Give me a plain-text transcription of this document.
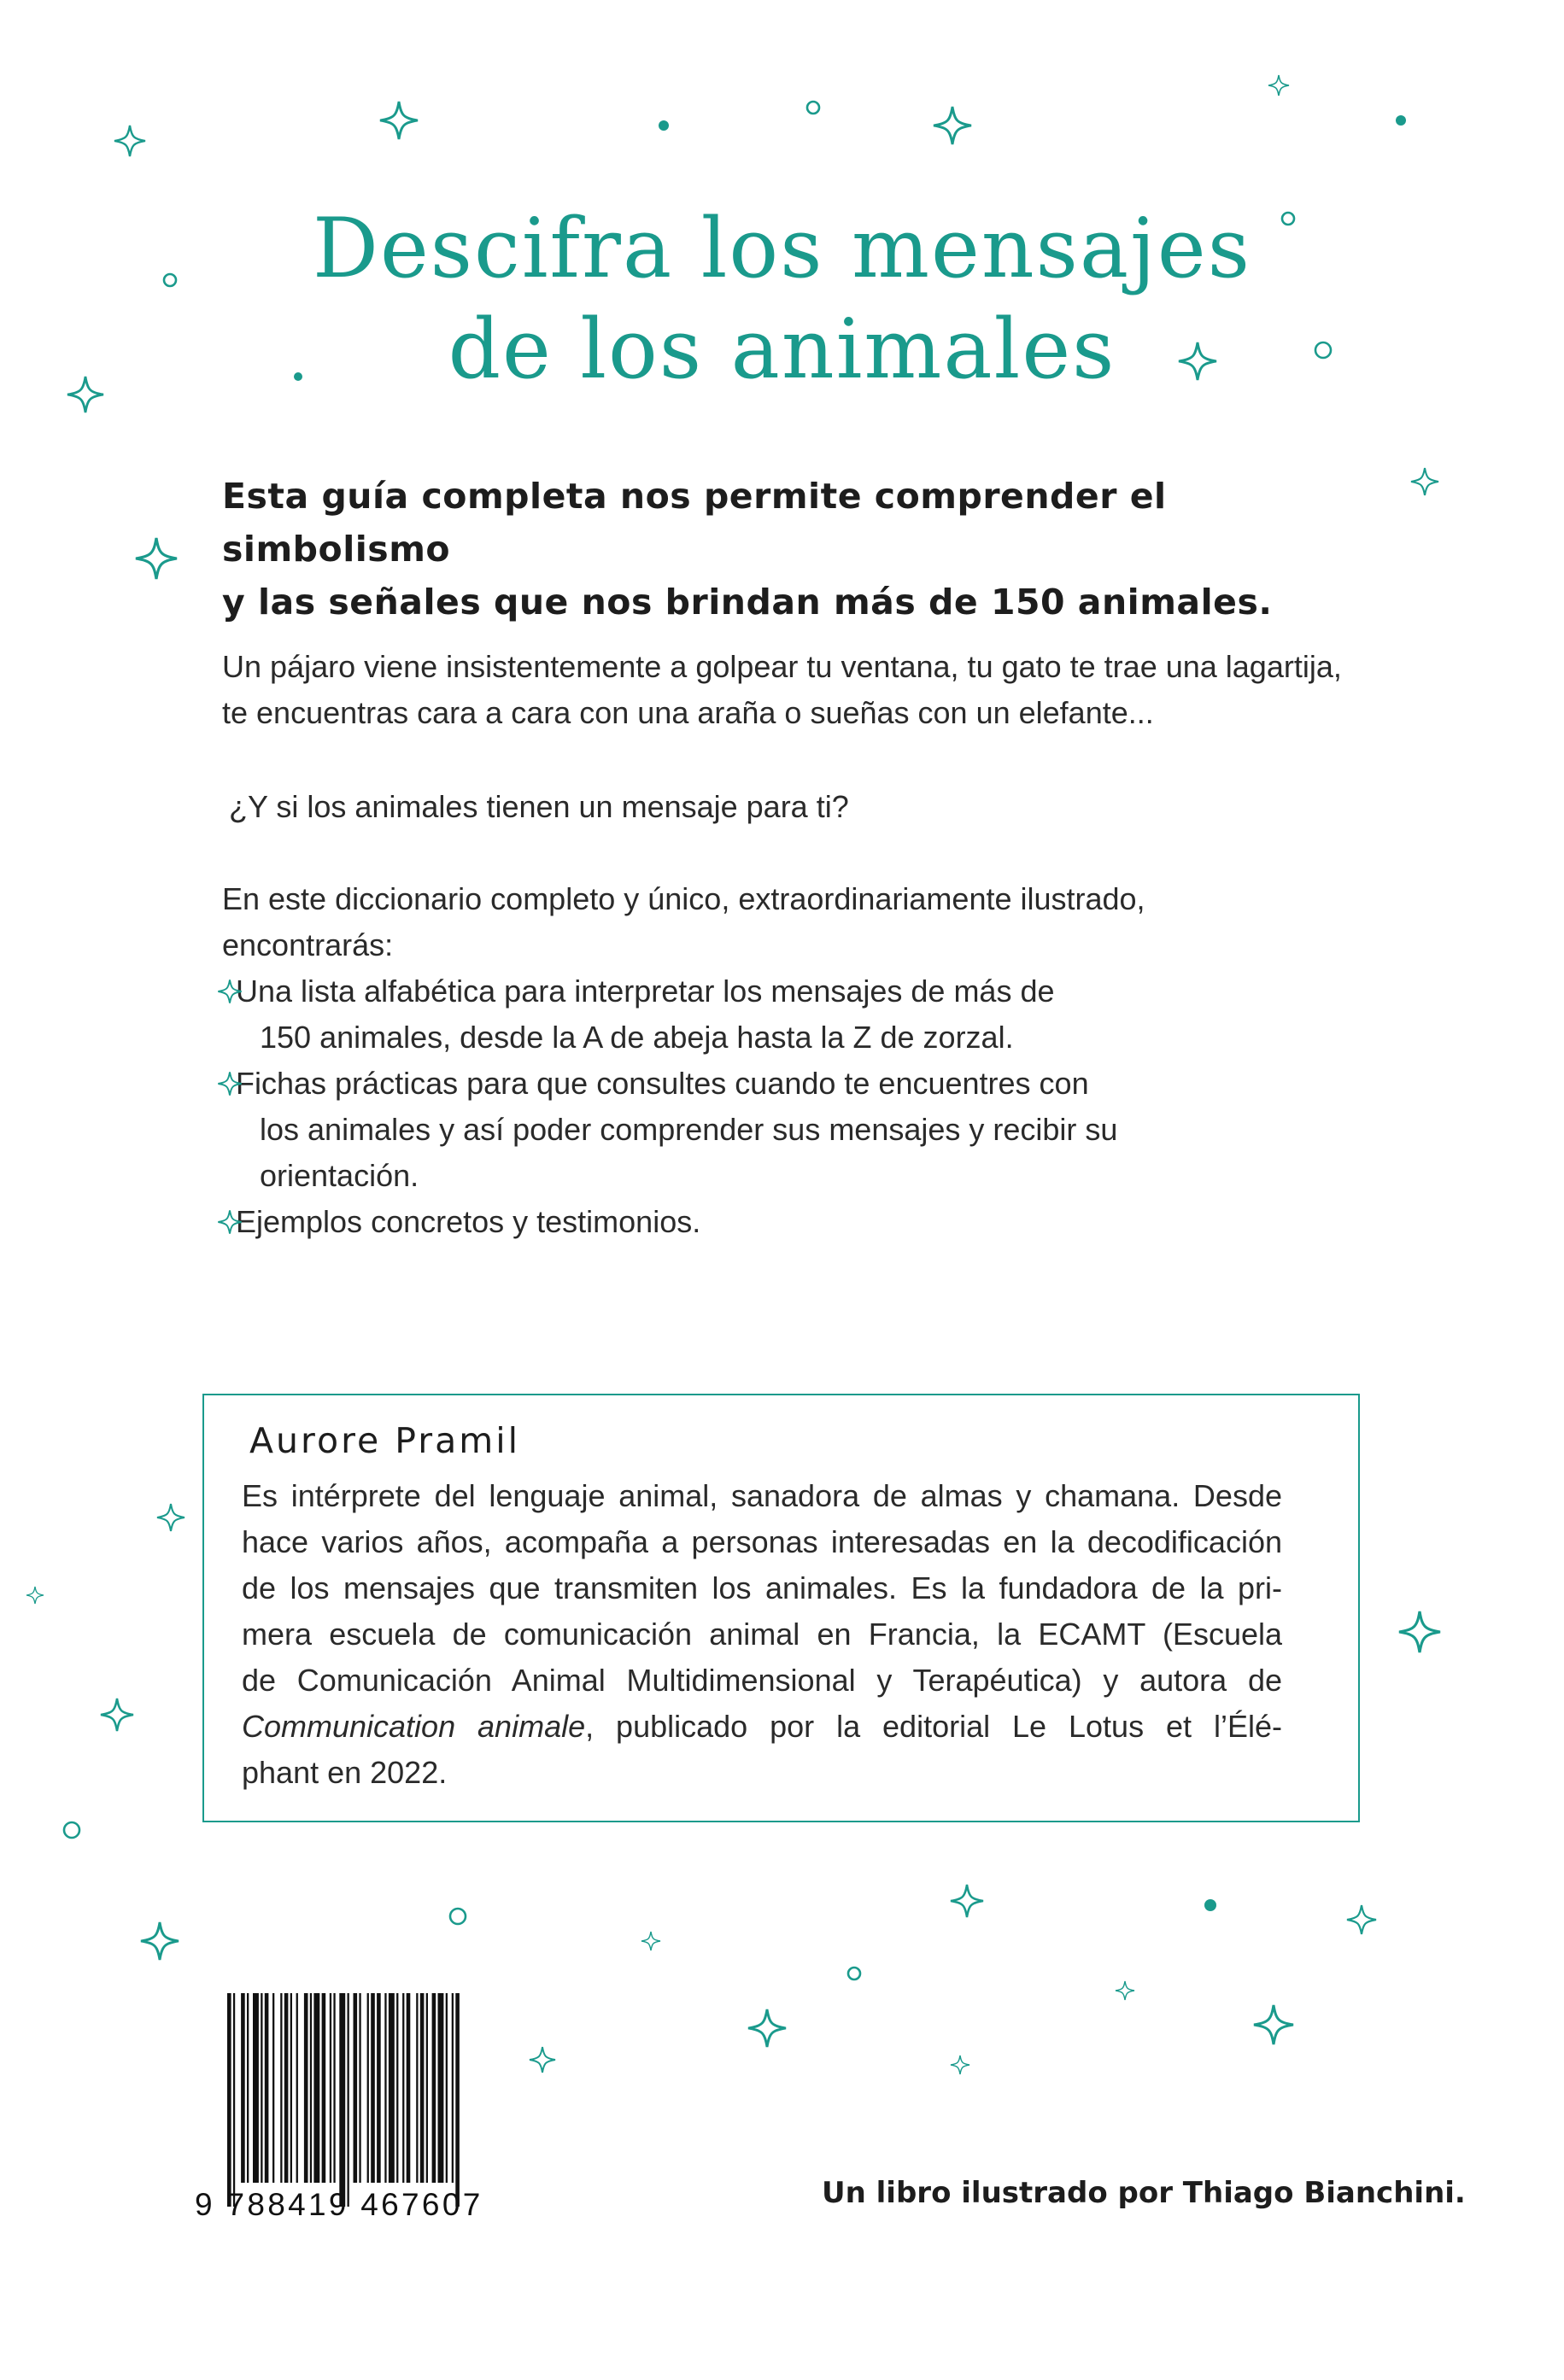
Descifra los mensajes
de los animales

Esta guía completa nos permite comprender el simbolismo
y las señales que nos brindan más de 150 animales.

Un pájaro viene insistentemente a golpear tu ventana, tu gato te trae una lagartija, te encuentras cara a cara con una araña o sueñas con un elefante...

¿Y si los animales tienen un mensaje para ti?

En este diccionario completo y único, extraordinariamente ilustrado,
encontrarás:

Una lista alfabética para interpretar los mensajes de más de
150 animales, desde la A de abeja hasta la Z de zorzal.
Fichas prácticas para que consultes cuando te encuentres con
los animales y así poder comprender sus mensajes y recibir su
orientación.
Ejemplos concretos y testimonios.
Aurore Pramil

Es intérprete del lenguaje animal, sanadora de almas y chamana. Desde
hace varios años, acompaña a personas interesadas en la decodificación
de los mensajes que transmiten los animales. Es la fundadora de la pri-
mera escuela de comunicación animal en Francia, la ECAMT (Escuela
de Comunicación Animal Multidimensional y Terapéutica) y autora de
Communication animale, publicado por la editorial Le Lotus et l’Élé-
phant en 2022.

9 788419 467607	Un libro ilustrado por Thiago Bianchini.
